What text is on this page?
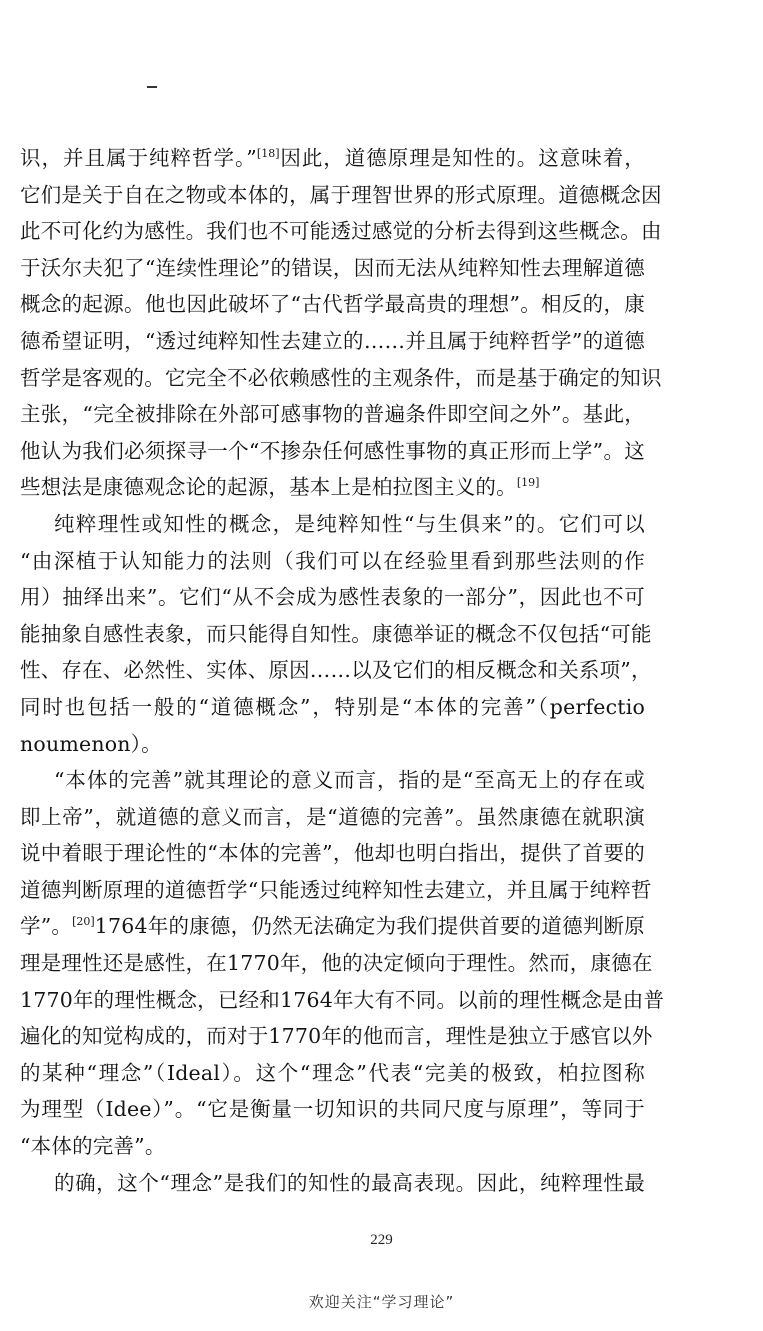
识，并且属于纯粹哲学。”[18]因此，道德原理是知性的。这意味着，
它们是关于自在之物或本体的，属于理智世界的形式原理。道德概念因
此不可化约为感性。我们也不可能透过感觉的分析去得到这些概念。由
于沃尔夫犯了“连续性理论”的错误，因而无法从纯粹知性去理解道德
概念的起源。他也因此破坏了“古代哲学最高贵的理想”。相反的，康
德希望证明，“透过纯粹知性去建立的……并且属于纯粹哲学”的道德
哲学是客观的。它完全不必依赖感性的主观条件，而是基于确定的知识
主张，“完全被排除在外部可感事物的普遍条件即空间之外”。基此，
他认为我们必须探寻一个“不掺杂任何感性事物的真正形而上学”。这
些想法是康德观念论的起源，基本上是柏拉图主义的。[19]
纯粹理性或知性的概念，是纯粹知性“与生俱来”的。它们可以
“由深植于认知能力的法则（我们可以在经验里看到那些法则的作
用）抽绎出来”。它们“从不会成为感性表象的一部分”，因此也不可
能抽象自感性表象，而只能得自知性。康德举证的概念不仅包括“可能
性、存在、必然性、实体、原因……以及它们的相反概念和关系项”，
同时也包括一般的“道德概念”，特别是“本体的完善”（perfectio
noumenon）。
“本体的完善”就其理论的意义而言，指的是“至高无上的存在或
即上帝”，就道德的意义而言，是“道德的完善”。虽然康德在就职演
说中着眼于理论性的“本体的完善”，他却也明白指出，提供了首要的
道德判断原理的道德哲学“只能透过纯粹知性去建立，并且属于纯粹哲
学”。[20]1764年的康德，仍然无法确定为我们提供首要的道德判断原
理是理性还是感性，在1770年，他的决定倾向于理性。然而，康德在
1770年的理性概念，已经和1764年大有不同。以前的理性概念是由普
遍化的知觉构成的，而对于1770年的他而言，理性是独立于感官以外
的某种“理念”（Ideal）。这个“理念”代表“完美的极致，柏拉图称
为理型（Idee）”。“它是衡量一切知识的共同尺度与原理”，等同于
“本体的完善”。
的确，这个“理念”是我们的知性的最高表现。因此，纯粹理性最
229
欢迎关注“学习理论”
